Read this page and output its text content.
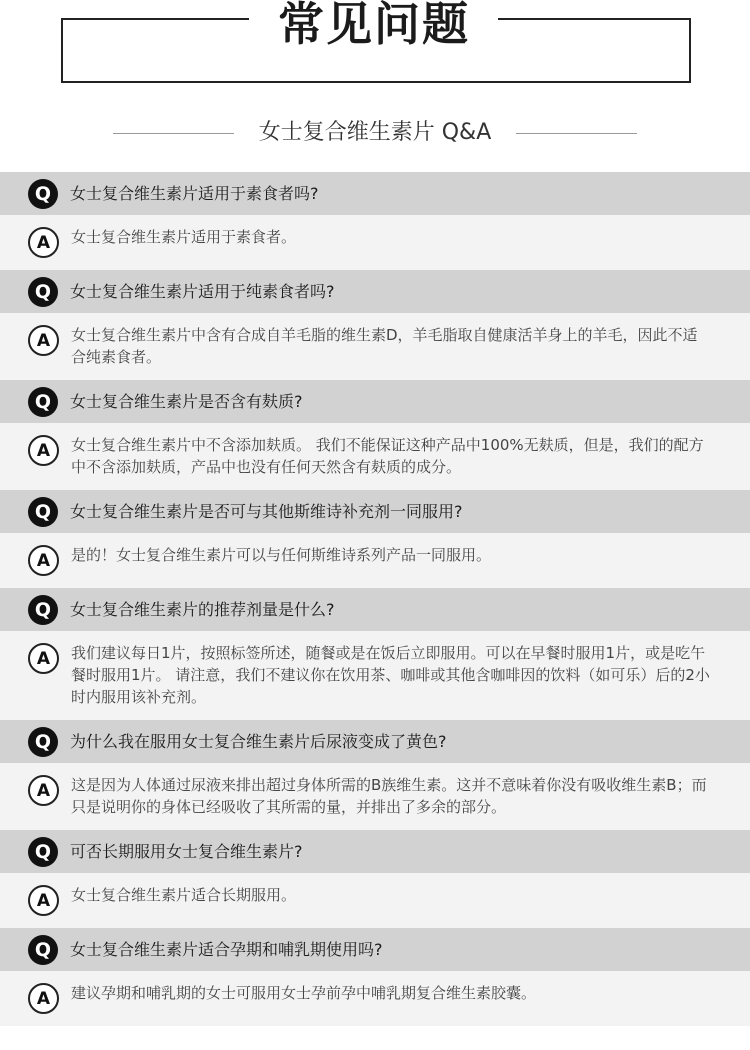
常见问题
女士复合维生素片 Q&A
Q	女士复合维生素片适用于素食者吗?
A	女士复合维生素片适用于素食者。
Q	女士复合维生素片适用于纯素食者吗?
A	女士复合维生素片中含有合成自羊毛脂的维生素D，羊毛脂取自健康活羊身上的羊毛，因此不适合纯素食者。
Q	女士复合维生素片是否含有麸质?
A	女士复合维生素片中不含添加麸质。 我们不能保证这种产品中100%无麸质，但是，我们的配方中不含添加麸质，产品中也没有任何天然含有麸质的成分。
Q	女士复合维生素片是否可与其他斯维诗补充剂一同服用?
A	是的！女士复合维生素片可以与任何斯维诗系列产品一同服用。
Q	女士复合维生素片的推荐剂量是什么?
A	我们建议每日1片，按照标签所述，随餐或是在饭后立即服用。可以在早餐时服用1片，或是吃午餐时服用1片。 请注意，我们不建议你在饮用茶、咖啡或其他含咖啡因的饮料（如可乐）后的2小时内服用该补充剂。
Q	为什么我在服用女士复合维生素片后尿液变成了黄色?
A	这是因为人体通过尿液来排出超过身体所需的B族维生素。这并不意味着你没有吸收维生素B；而只是说明你的身体已经吸收了其所需的量，并排出了多余的部分。
Q	可否长期服用女士复合维生素片?
A	女士复合维生素片适合长期服用。
Q	女士复合维生素片适合孕期和哺乳期使用吗?
A	建议孕期和哺乳期的女士可服用女士孕前孕中哺乳期复合维生素胶囊。
